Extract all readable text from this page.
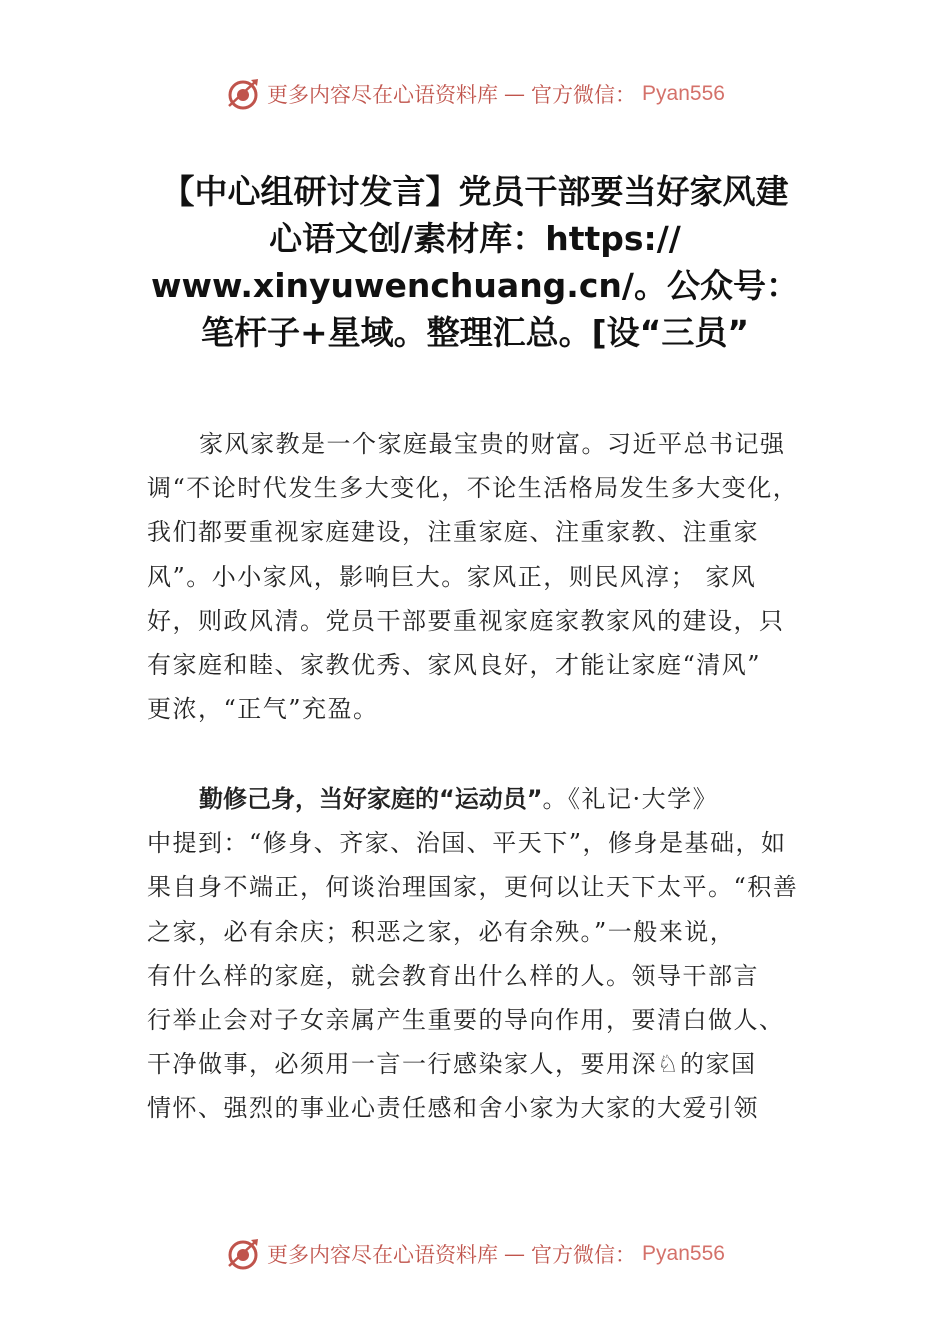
更多内容尽在心语资料库 — 官方微信： Pyan556
【中心组研讨发言】党员干部要当好家风建
心语文创/素材库：https://
www.xinyuwenchuang.cn/。公众号：
笔杆子+星域。整理汇总。[设“三员”
家风家教是一个家庭最宝贵的财富。习近平总书记强
调“不论时代发生多大变化，不论生活格局发生多大变化，
我们都要重视家庭建设，注重家庭、注重家教、注重家
风”。小小家风，影响巨大。家风正，则民风淳； 家风
好，则政风清。党员干部要重视家庭家教家风的建设，只
有家庭和睦、家教优秀、家风良好，才能让家庭“清风”
更浓，“正气”充盈。
勤修己身，当好家庭的“运动员”。《礼记·大学》
中提到：“修身、齐家、治国、平天下”，修身是基础，如
果自身不端正，何谈治理国家，更何以让天下太平。“积善
之家，必有余庆；积恶之家，必有余殃。”一般来说，
有什么样的家庭，就会教育出什么样的人。领导干部言
行举止会对子女亲属产生重要的导向作用，要清白做人、
干净做事，必须用一言一行感染家人，要用深♘的家国
情怀、强烈的事业心责任感和舍小家为大家的大爱引领
更多内容尽在心语资料库 — 官方微信： Pyan556
